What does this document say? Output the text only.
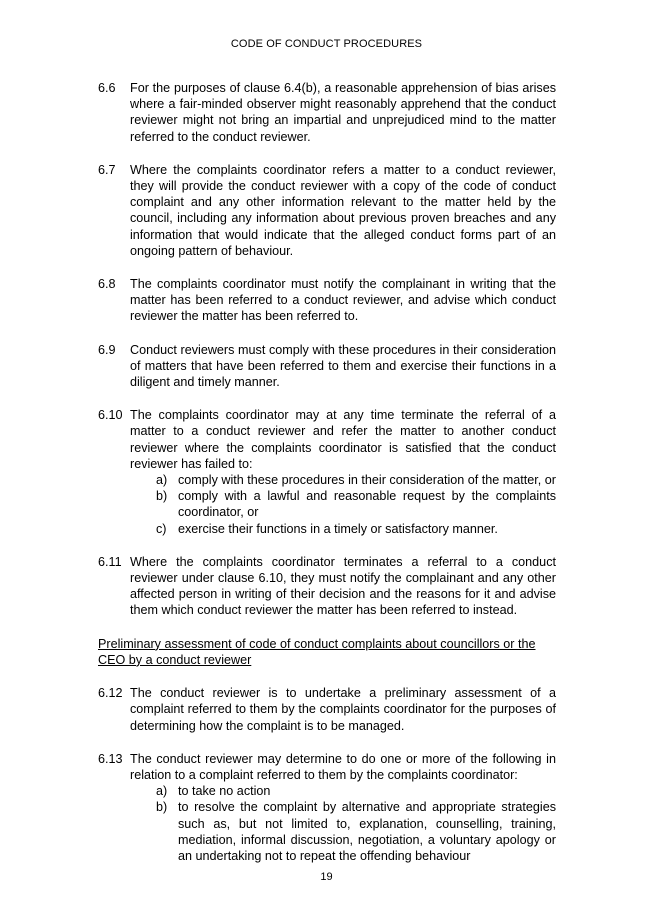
CODE OF CONDUCT PROCEDURES
6.6 For the purposes of clause 6.4(b), a reasonable apprehension of bias arises where a fair-minded observer might reasonably apprehend that the conduct reviewer might not bring an impartial and unprejudiced mind to the matter referred to the conduct reviewer.
6.7 Where the complaints coordinator refers a matter to a conduct reviewer, they will provide the conduct reviewer with a copy of the code of conduct complaint and any other information relevant to the matter held by the council, including any information about previous proven breaches and any information that would indicate that the alleged conduct forms part of an ongoing pattern of behaviour.
6.8 The complaints coordinator must notify the complainant in writing that the matter has been referred to a conduct reviewer, and advise which conduct reviewer the matter has been referred to.
6.9 Conduct reviewers must comply with these procedures in their consideration of matters that have been referred to them and exercise their functions in a diligent and timely manner.
6.10 The complaints coordinator may at any time terminate the referral of a matter to a conduct reviewer and refer the matter to another conduct reviewer where the complaints coordinator is satisfied that the conduct reviewer has failed to:
a) comply with these procedures in their consideration of the matter, or
b) comply with a lawful and reasonable request by the complaints coordinator, or
c) exercise their functions in a timely or satisfactory manner.
6.11 Where the complaints coordinator terminates a referral to a conduct reviewer under clause 6.10, they must notify the complainant and any other affected person in writing of their decision and the reasons for it and advise them which conduct reviewer the matter has been referred to instead.
Preliminary assessment of code of conduct complaints about councillors or the CEO by a conduct reviewer
6.12 The conduct reviewer is to undertake a preliminary assessment of a complaint referred to them by the complaints coordinator for the purposes of determining how the complaint is to be managed.
6.13 The conduct reviewer may determine to do one or more of the following in relation to a complaint referred to them by the complaints coordinator:
a) to take no action
b) to resolve the complaint by alternative and appropriate strategies such as, but not limited to, explanation, counselling, training, mediation, informal discussion, negotiation, a voluntary apology or an undertaking not to repeat the offending behaviour
19
